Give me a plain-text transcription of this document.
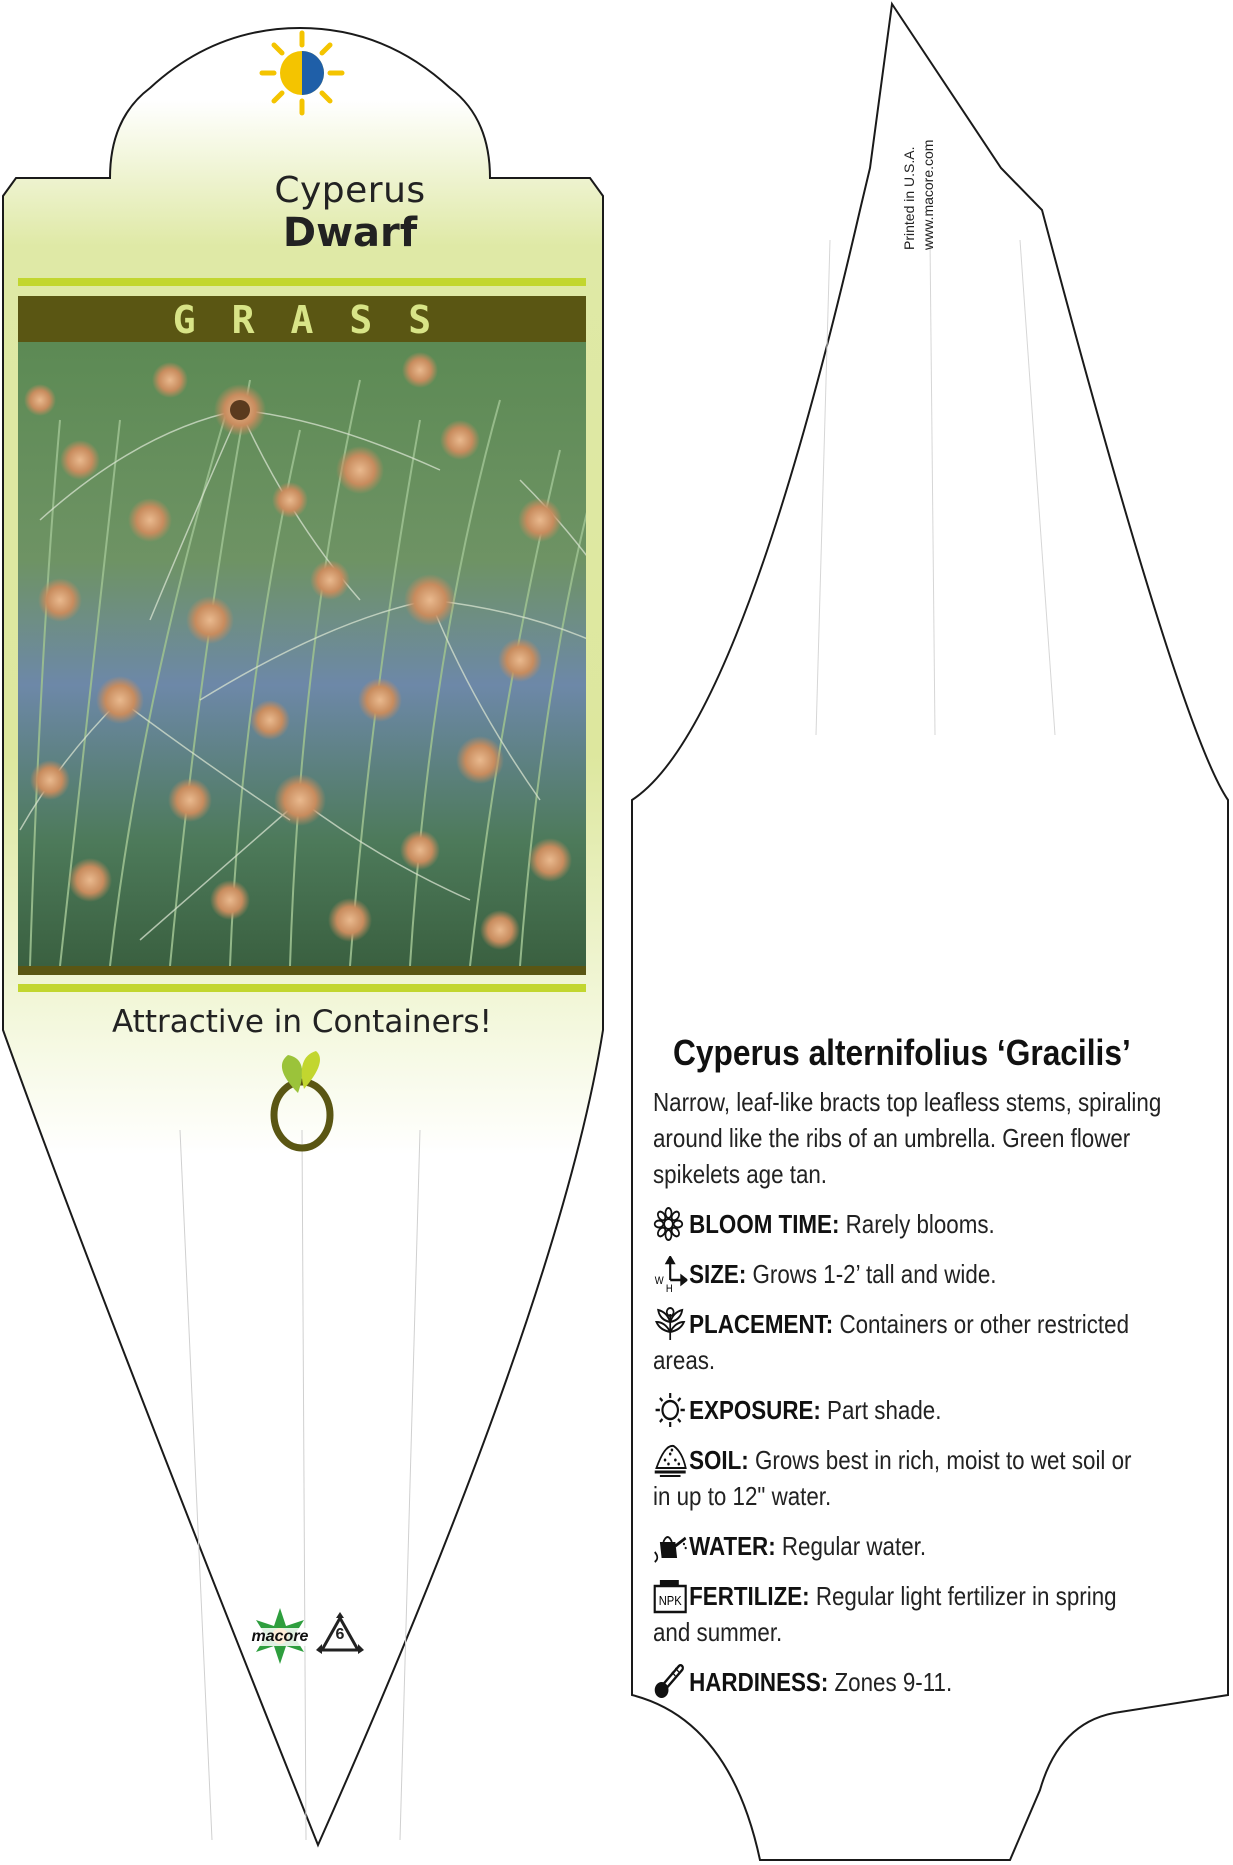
Cyperus
Dwarf
GRASS
Attractive in Containers!
macore	6
Printed in U.S.A. www.macore.com
Cyperus alternifolius ‘Gracilis’
Narrow, leaf-like bracts top leafless stems, spiraling around like the ribs of an umbrella. Green flower spikelets age tan.
BLOOM TIME: Rarely blooms.
W
H
SIZE: Grows 1-2’ tall and wide.
PLACEMENT: Containers or other restricted areas.
EXPOSURE: Part shade.
SOIL: Grows best in rich, moist to wet soil or in up to 12" water.
WATER: Regular water.
NPK FERTILIZE: Regular light fertilizer in spring and summer.
HARDINESS: Zones 9-11.
